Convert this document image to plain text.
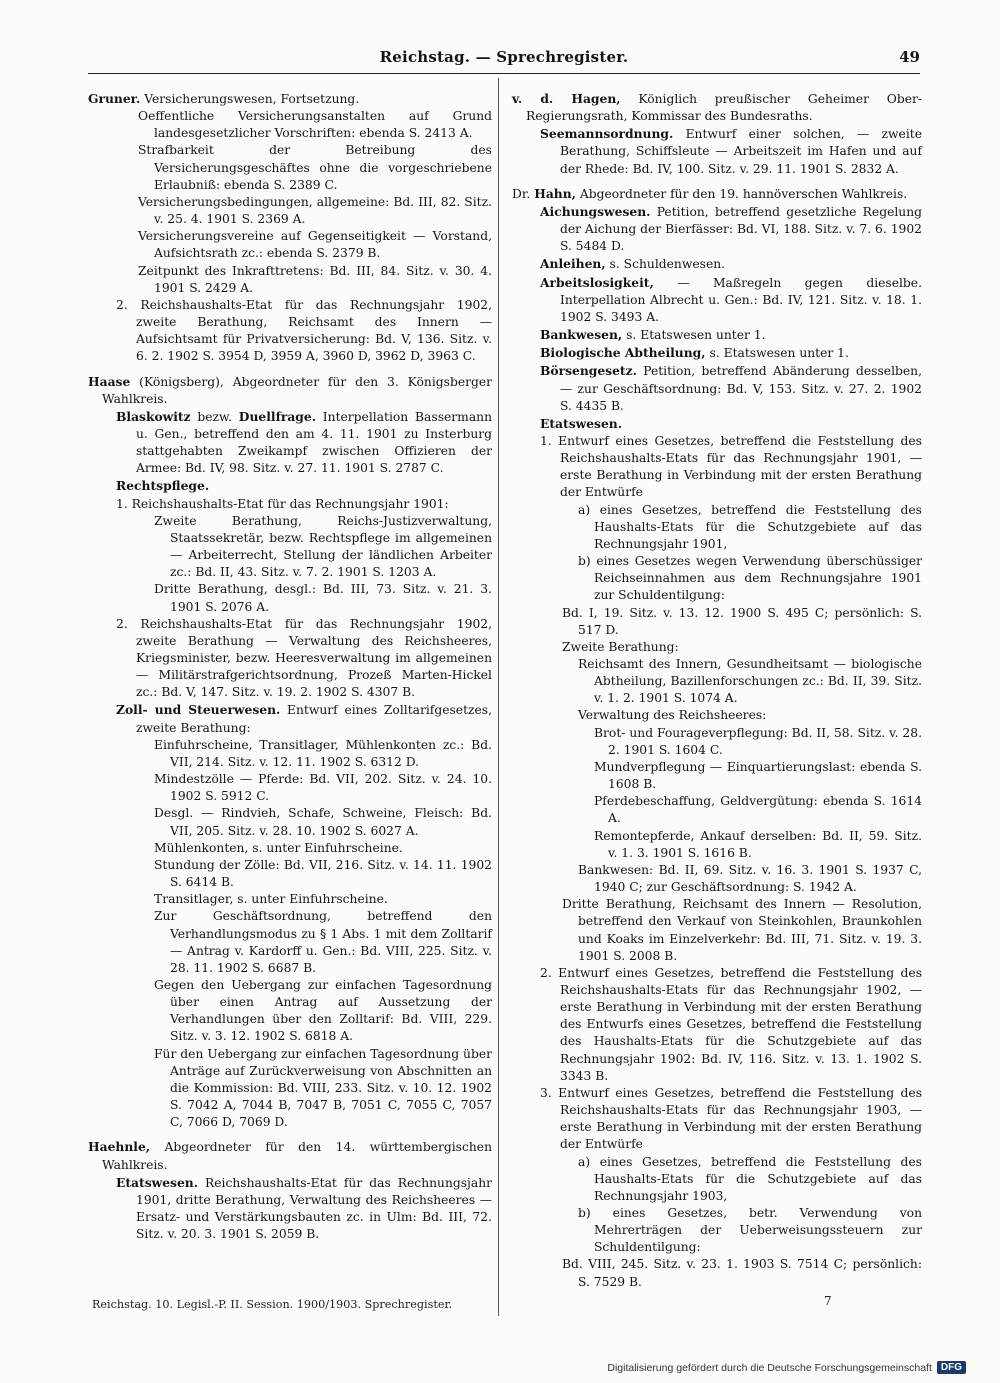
Reichstag. — Sprechregister.	49
Gruner. Versicherungswesen, Fortsetzung.
Oeffentliche Versicherungsanstalten auf Grund landesgesetzlicher Vorschriften: ebenda S. 2413 A.
Strafbarkeit der Betreibung des Versicherungsgeschäftes ohne die vorgeschriebene Erlaubniß: ebenda S. 2389 C.
Versicherungsbedingungen, allgemeine: Bd. III, 82. Sitz. v. 25. 4. 1901 S. 2369 A.
Versicherungsvereine auf Gegenseitigkeit — Vorstand, Aufsichtsrath zc.: ebenda S. 2379 B.
Zeitpunkt des Inkrafttretens: Bd. III, 84. Sitz. v. 30. 4. 1901 S. 2429 A.
2. Reichshaushalts-Etat für das Rechnungsjahr 1902, zweite Berathung, Reichsamt des Innern — Aufsichtsamt für Privatversicherung: Bd. V, 136. Sitz. v. 6. 2. 1902 S. 3954 D, 3959 A, 3960 D, 3962 D, 3963 C.
Haase (Königsberg), Abgeordneter für den 3. Königsberger Wahlkreis.
Blaskowitz bezw. Duellfrage. Interpellation Bassermann u. Gen., betreffend den am 4. 11. 1901 zu Insterburg stattgehabten Zweikampf zwischen Offizieren der Armee: Bd. IV, 98. Sitz. v. 27. 11. 1901 S. 2787 C.
Rechtspflege.
1. Reichshaushalts-Etat für das Rechnungsjahr 1901:
Zweite Berathung, Reichs-Justizverwaltung, Staatssekretär, bezw. Rechtspflege im allgemeinen — Arbeiterrecht, Stellung der ländlichen Arbeiter zc.: Bd. II, 43. Sitz. v. 7. 2. 1901 S. 1203 A.
Dritte Berathung, desgl.: Bd. III, 73. Sitz. v. 21. 3. 1901 S. 2076 A.
2. Reichshaushalts-Etat für das Rechnungsjahr 1902, zweite Berathung — Verwaltung des Reichsheeres, Kriegsminister, bezw. Heeresverwaltung im allgemeinen — Militärstrafgerichtsordnung, Prozeß Marten-Hickel zc.: Bd. V, 147. Sitz. v. 19. 2. 1902 S. 4307 B.
Zoll- und Steuerwesen. Entwurf eines Zolltarifgesetzes, zweite Berathung:
Einfuhrscheine, Transitlager, Mühlenkonten zc.: Bd. VII, 214. Sitz. v. 12. 11. 1902 S. 6312 D.
Mindestzölle — Pferde: Bd. VII, 202. Sitz. v. 24. 10. 1902 S. 5912 C.
Desgl. — Rindvieh, Schafe, Schweine, Fleisch: Bd. VII, 205. Sitz. v. 28. 10. 1902 S. 6027 A.
Mühlenkonten, s. unter Einfuhrscheine.
Stundung der Zölle: Bd. VII, 216. Sitz. v. 14. 11. 1902 S. 6414 B.
Transitlager, s. unter Einfuhrscheine.
Zur Geschäftsordnung, betreffend den Verhandlungsmodus zu § 1 Abs. 1 mit dem Zolltarif — Antrag v. Kardorff u. Gen.: Bd. VIII, 225. Sitz. v. 28. 11. 1902 S. 6687 B.
Gegen den Uebergang zur einfachen Tagesordnung über einen Antrag auf Aussetzung der Verhandlungen über den Zolltarif: Bd. VIII, 229. Sitz. v. 3. 12. 1902 S. 6818 A.
Für den Uebergang zur einfachen Tagesordnung über Anträge auf Zurückverweisung von Abschnitten an die Kommission: Bd. VIII, 233. Sitz. v. 10. 12. 1902 S. 7042 A, 7044 B, 7047 B, 7051 C, 7055 C, 7057 C, 7066 D, 7069 D.
Haehnle, Abgeordneter für den 14. württembergischen Wahlkreis.
Etatswesen. Reichshaushalts-Etat für das Rechnungsjahr 1901, dritte Berathung, Verwaltung des Reichsheeres — Ersatz- und Verstärkungsbauten zc. in Ulm: Bd. III, 72. Sitz. v. 20. 3. 1901 S. 2059 B.
v. d. Hagen, Königlich preußischer Geheimer Ober-Regierungsrath, Kommissar des Bundesraths.
Seemannsordnung. Entwurf einer solchen, — zweite Berathung, Schiffsleute — Arbeitszeit im Hafen und auf der Rhede: Bd. IV, 100. Sitz. v. 29. 11. 1901 S. 2832 A.
Dr. Hahn, Abgeordneter für den 19. hannöverschen Wahlkreis.
Aichungswesen. Petition, betreffend gesetzliche Regelung der Aichung der Bierfässer: Bd. VI, 188. Sitz. v. 7. 6. 1902 S. 5484 D.
Anleihen, s. Schuldenwesen.
Arbeitslosigkeit, — Maßregeln gegen dieselbe. Interpellation Albrecht u. Gen.: Bd. IV, 121. Sitz. v. 18. 1. 1902 S. 3493 A.
Bankwesen, s. Etatswesen unter 1.
Biologische Abtheilung, s. Etatswesen unter 1.
Börsengesetz. Petition, betreffend Abänderung desselben, — zur Geschäftsordnung: Bd. V, 153. Sitz. v. 27. 2. 1902 S. 4435 B.
Etatswesen.
1. Entwurf eines Gesetzes, betreffend die Feststellung des Reichshaushalts-Etats für das Rechnungsjahr 1901, — erste Berathung in Verbindung mit der ersten Berathung der Entwürfe
a) eines Gesetzes, betreffend die Feststellung des Haushalts-Etats für die Schutzgebiete auf das Rechnungsjahr 1901,
b) eines Gesetzes wegen Verwendung überschüssiger Reichseinnahmen aus dem Rechnungsjahre 1901 zur Schuldentilgung:
Bd. I, 19. Sitz. v. 13. 12. 1900 S. 495 C; persönlich: S. 517 D.
Zweite Berathung:
Reichsamt des Innern, Gesundheitsamt — biologische Abtheilung, Bazillenforschungen zc.: Bd. II, 39. Sitz. v. 1. 2. 1901 S. 1074 A.
Verwaltung des Reichsheeres:
Brot- und Fourageverpflegung: Bd. II, 58. Sitz. v. 28. 2. 1901 S. 1604 C.
Mundverpflegung — Einquartierungslast: ebenda S. 1608 B.
Pferdebeschaffung, Geldvergütung: ebenda S. 1614 A.
Remontepferde, Ankauf derselben: Bd. II, 59. Sitz. v. 1. 3. 1901 S. 1616 B.
Bankwesen: Bd. II, 69. Sitz. v. 16. 3. 1901 S. 1937 C, 1940 C; zur Geschäftsordnung: S. 1942 A.
Dritte Berathung, Reichsamt des Innern — Resolution, betreffend den Verkauf von Steinkohlen, Braunkohlen und Koaks im Einzelverkehr: Bd. III, 71. Sitz. v. 19. 3. 1901 S. 2008 B.
2. Entwurf eines Gesetzes, betreffend die Feststellung des Reichshaushalts-Etats für das Rechnungsjahr 1902, — erste Berathung in Verbindung mit der ersten Berathung des Entwurfs eines Gesetzes, betreffend die Feststellung des Haushalts-Etats für die Schutzgebiete auf das Rechnungsjahr 1902: Bd. IV, 116. Sitz. v. 13. 1. 1902 S. 3343 B.
3. Entwurf eines Gesetzes, betreffend die Feststellung des Reichshaushalts-Etats für das Rechnungsjahr 1903, — erste Berathung in Verbindung mit der ersten Berathung der Entwürfe
a) eines Gesetzes, betreffend die Feststellung des Haushalts-Etats für die Schutzgebiete auf das Rechnungsjahr 1903,
b) eines Gesetzes, betr. Verwendung von Mehrerträgen der Ueberweisungssteuern zur Schuldentilgung:
Bd. VIII, 245. Sitz. v. 23. 1. 1903 S. 7514 C; persönlich: S. 7529 B.
Reichstag. 10. Legisl.-P. II. Session. 1900/1903. Sprechregister.	7
Digitalisierung gefördert durch die Deutsche Forschungsgemeinschaft DFG
